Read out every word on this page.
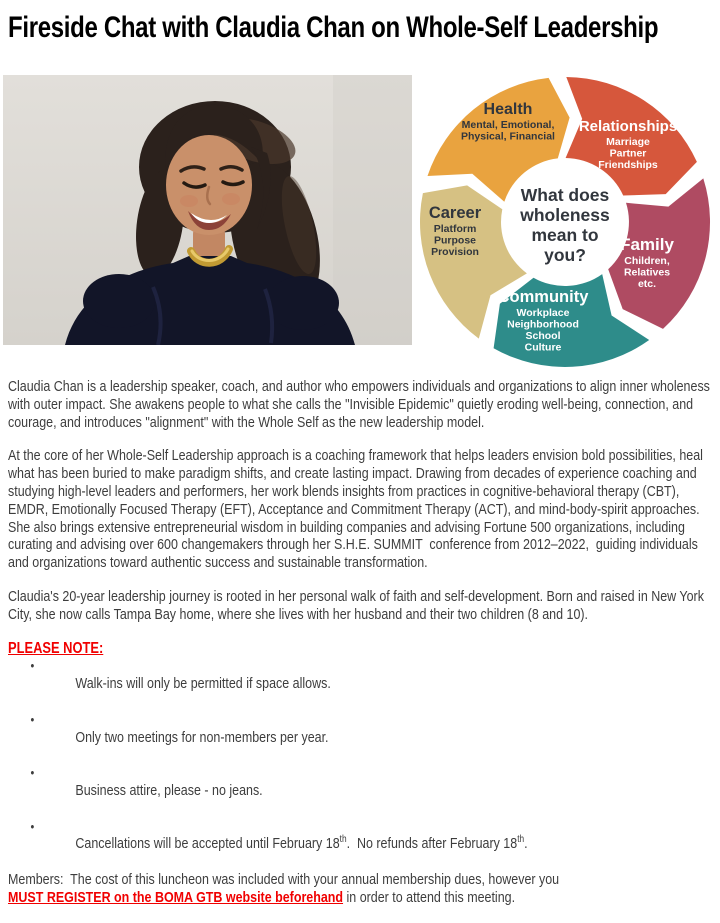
Fireside Chat with Claudia Chan on Whole-Self Leadership
Health
Mental, Emotional,
Physical, Financial
Relationships
Marriage
Partner
Friendships
Family
Children,
Relatives
etc.
Community
Workplace
Neighborhood
School
Culture
Career
Platform
Purpose
Provision
What does
wholeness
mean to
you?

Claudia Chan is a leadership speaker, coach, and author who empowers individuals and organizations to align inner wholeness with outer impact. She awakens people to what she calls the "Invisible Epidemic" quietly eroding well-being, connection, and courage, and introduces "alignment" with the Whole Self as the new leadership model.

At the core of her Whole-Self Leadership approach is a coaching framework that helps leaders envision bold possibilities, heal what has been buried to make paradigm shifts, and create lasting impact. Drawing from decades of experience coaching and studying high-level leaders and performers, her work blends insights from practices in cognitive-behavioral therapy (CBT), EMDR, Emotionally Focused Therapy (EFT), Acceptance and Commitment Therapy (ACT), and mind-body-spirit approaches. She also brings extensive entrepreneurial wisdom in building companies and advising Fortune 500 organizations, including curating and advising over 600 changemakers through her S.H.E. SUMMIT  conference from 2012–2022,  guiding individuals and organizations toward authentic success and sustainable transformation.

Claudia's 20-year leadership journey is rooted in her personal walk of faith and self-development. Born and raised in New York City, she now calls Tampa Bay home, where she lives with her husband and their two children (8 and 10).

PLEASE NOTE:

•
Walk-ins will only be permitted if space allows.

•
Only two meetings for non-members per year.

•
Business attire, please - no jeans.

•
Cancellations will be accepted until February 18th.  No refunds after February 18th.

Members:  The cost of this luncheon was included with your annual membership dues, however you
MUST REGISTER on the BOMA GTB website beforehand in order to attend this meeting.
